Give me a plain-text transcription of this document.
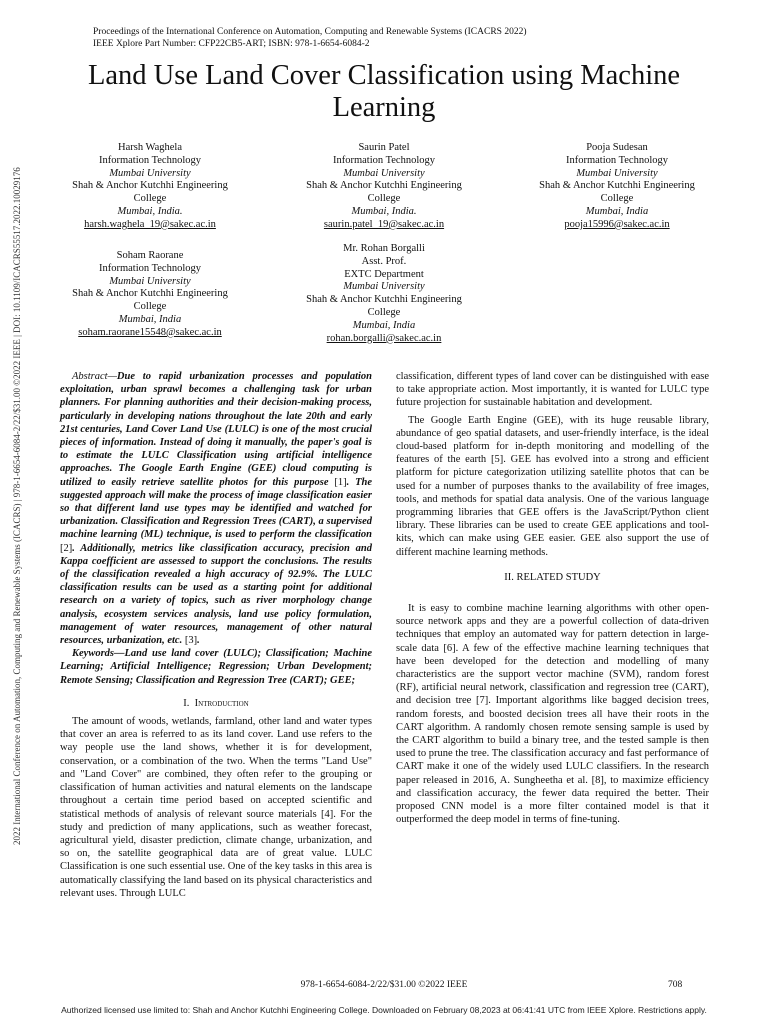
Proceedings of the International Conference on Automation, Computing and Renewable Systems (ICACRS 2022)
IEEE Xplore Part Number: CFP22CB5-ART; ISBN: 978-1-6654-6084-2
Land Use Land Cover Classification using Machine Learning
2022 International Conference on Automation, Computing and Renewable Systems (ICACRS) | 978-1-6654-6084-2/22/$31.00 ©2022 IEEE | DOI: 10.1109/ICACRS55517.2022.10029176
Harsh Waghela
Information Technology
Mumbai University
Shah & Anchor Kutchhi Engineering
College
Mumbai, India.
harsh.waghela_19@sakec.ac.in
Saurin Patel
Information Technology
Mumbai University
Shah & Anchor Kutchhi Engineering
College
Mumbai, India.
saurin.patel_19@sakec.ac.in
Pooja Sudesan
Information Technology
Mumbai University
Shah & Anchor Kutchhi Engineering
College
Mumbai, India
pooja15996@sakec.ac.in
Soham Raorane
Information Technology
Mumbai University
Shah & Anchor Kutchhi Engineering
College
Mumbai, India
soham.raorane15548@sakec.ac.in
Mr. Rohan Borgalli
Asst. Prof.
EXTC Department
Mumbai University
Shah & Anchor Kutchhi Engineering
College
Mumbai, India
rohan.borgalli@sakec.ac.in

Abstract—Due to rapid urbanization processes and population exploitation, urban sprawl becomes a challenging task for urban planners. For planning authorities and their decision-making process, particularly in developing nations throughout the late 20th and early 21st centuries, Land Cover Land Use (LULC) is one of the most crucial pieces of information. Instead of doing it manually, the paper's goal is to estimate the LULC Classification using artificial intelligence approaches. The Google Earth Engine (GEE) cloud computing is utilized to easily retrieve satellite photos for this purpose [1]. The suggested approach will make the process of image classification easier so that different land use types may be identified and watched for urbanization. Classification and Regression Trees (CART), a supervised machine learning (ML) technique, is used to perform the classification [2]. Additionally, metrics like classification accuracy, precision and Kappa coefficient are assessed to support the conclusions. The results of the classification revealed a high accuracy of 92.9%. The LULC classification results can be used as a starting point for additional research on a variety of topics, such as river morphology change analysis, ecosystem services analysis, land use policy formulation, management of water resources, management of other natural resources, urbanization, etc. [3].

Keywords—Land use land cover (LULC); Classification; Machine Learning; Artificial Intelligence; Regression; Urban Development; Remote Sensing; Classification and Regression Tree (CART); GEE;

I. Introduction

The amount of woods, wetlands, farmland, other land and water types that cover an area is referred to as its land cover. Land use refers to the way people use the land shows, whether it is for development, conservation, or a combination of the two. When the terms "Land Use" and "Land Cover" are combined, they often refer to the grouping or classification of human activities and natural elements on the landscape throughout a certain time period based on accepted scientific and statistical methods of analysis of relevant source materials [4]. For the study and prediction of many applications, such as weather forecast, agricultural yield, disaster prediction, climate change, urbanization, and so on, the satellite geographical data are of great value. LULC Classification is one such essential use. One of the key tasks in this area is automatically classifying the land based on its physical characteristics and relevant uses. Through LULC

classification, different types of land cover can be distinguished with ease to take appropriate action. Most importantly, it is wanted for LULC type future projection for sustainable habitation and development.

The Google Earth Engine (GEE), with its huge reusable library, abundance of geo spatial datasets, and user-friendly interface, is the ideal cloud-based platform for in-depth monitoring and modelling of the features of the earth [5]. GEE has evolved into a strong and efficient platform for picture categorization utilizing satellite photos that can be used for a number of purposes thanks to the availability of free images, tools, and methods for spatial data analysis. One of the various language programming libraries that GEE offers is the JavaScript/Python client library. These libraries can be used to create GEE applications and tool-kits, which can make using GEE easier. GEE also support the use of different machine learning methods.

II. RELATED STUDY

It is easy to combine machine learning algorithms with other open-source network apps and they are a powerful collection of data-driven techniques that employ an automated way for pattern detection in large-scale data [6]. A few of the effective machine learning techniques that have been developed for the detection and modelling of many characteristics are the support vector machine (SVM), random forest (RF), artificial neural network, classification and regression tree (CART), and decision tree [7]. Important algorithms like bagged decision trees, random forests, and boosted decision trees all have their roots in the CART algorithm. A randomly chosen remote sensing sample is used by the CART algorithm to build a binary tree, and the tested sample is then used to prune the tree. The classification accuracy and fast performance of CART make it one of the widely used LULC classifiers. In the research paper released in 2016, A. Sungheetha et al. [8], to maximize efficiency and classification accuracy, the fewer data required the better. Their proposed CNN model is a more filter contained model is that it outperformed the deep model in terms of fine-tuning.

978-1-6654-6084-2/22/$31.00 ©2022 IEEE	708
Authorized licensed use limited to: Shah and Anchor Kutchhi Engineering College. Downloaded on February 08,2023 at 06:41:41 UTC from IEEE Xplore. Restrictions apply.
